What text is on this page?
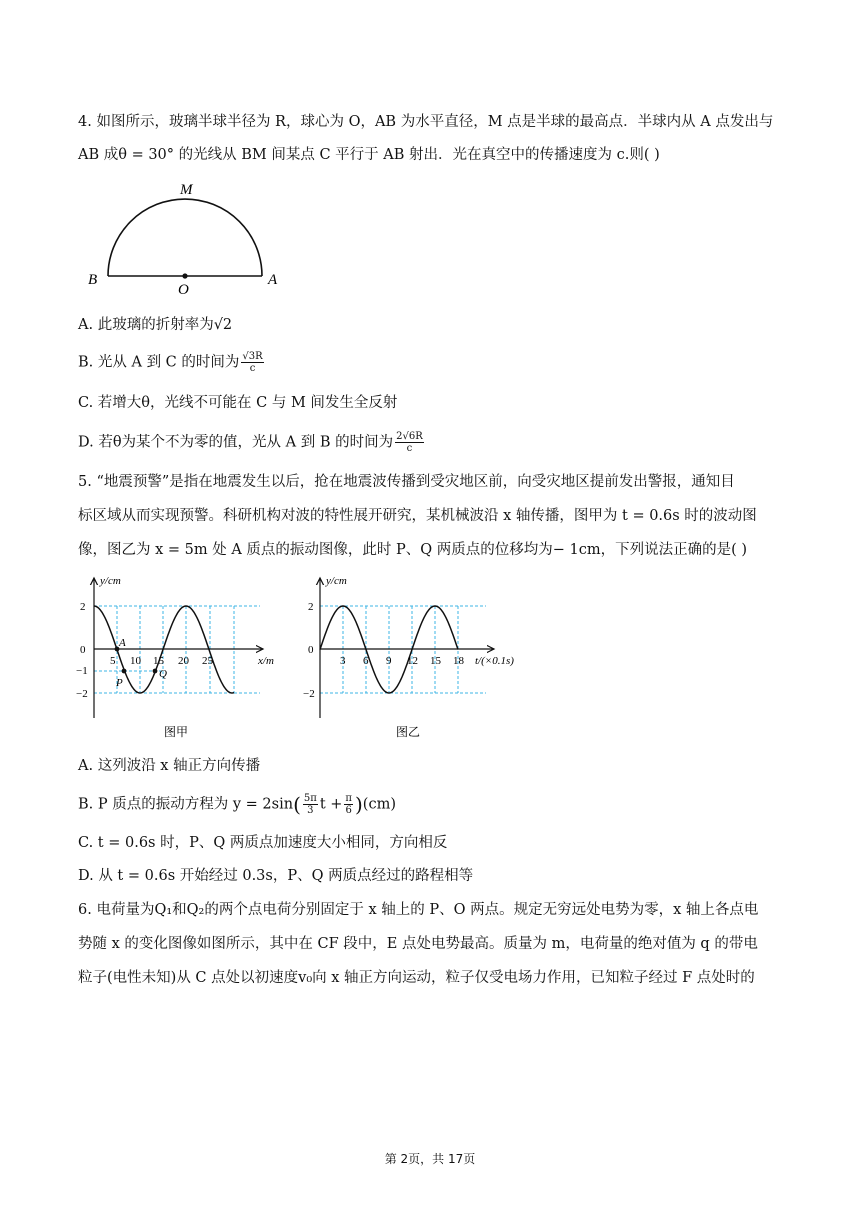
4. 如图所示，玻璃半球半径为 R，球心为 O，AB 为水平直径，M 点是半球的最高点．半球内从 A 点发出与
AB 成θ = 30° 的光线从 BM 间某点 C 平行于 AB 射出．光在真空中的传播速度为 c.则( )
M
B
O
A
A. 此玻璃的折射率为√2
B. 光从 A 到 C 的时间为 $\frac{√3R}{c}$
C. 若增大θ，光线不可能在 C 与 M 间发生全反射
D. 若θ为某个不为零的值，光从 A 到 B 的时间为 $\frac{2√6R}{c}$
5. “地震预警”是指在地震发生以后，抢在地震波传播到受灾地区前，向受灾地区提前发出警报，通知目
标区域从而实现预警。科研机构对波的特性展开研究，某机械波沿 x 轴传播，图甲为 t = 0.6s 时的波动图
像，图乙为 x = 5m 处 A 质点的振动图像，此时 P、Q 两质点的位移均为− 1cm，下列说法正确的是( )
y/cm
x/m
2
0
−1
−2
5 10 15 20 25
A
P
Q
图甲
y/cm
t/(×0.1s)
2
0
−2
3 6 9 12 15 18
图乙
A. 这列波沿 x 轴正方向传播
B. P 质点的振动方程为 $y = 2\sin( \frac{5\pi}{3}$ $t + \frac{\pi}{6} )(cm)$
C. t = 0.6s 时，P、Q 两质点加速度大小相同，方向相反
D. 从 t = 0.6s 开始经过 0.3s，P、Q 两质点经过的路程相等
6. 电荷量为Q₁和Q₂的两个点电荷分别固定于 x 轴上的 P、O 两点。规定无穷远处电势为零，x 轴上各点电
势随 x 的变化图像如图所示，其中在 CF 段中，E 点处电势最高。质量为 m，电荷量的绝对值为 q 的带电
粒子(电性未知)从 C 点处以初速度v₀向 x 轴正方向运动，粒子仅受电场力作用，已知粒子经过 F 点处时的
第 2页，共 17页
